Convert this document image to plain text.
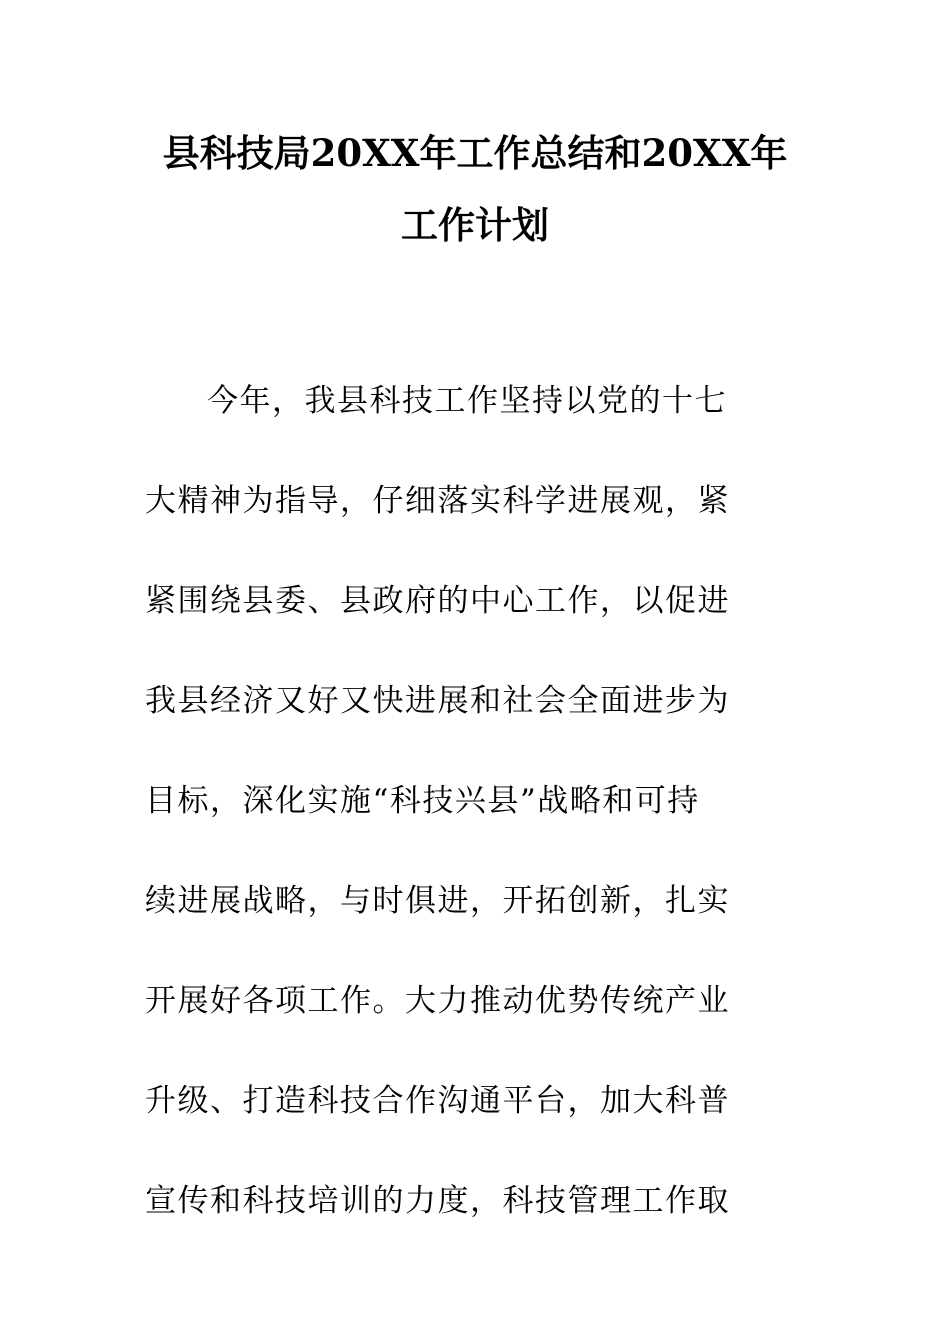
县科技局20XX年工作总结和20XX年
工作计划
今年，我县科技工作坚持以党的十七
大精神为指导，仔细落实科学进展观，紧
紧围绕县委、县政府的中心工作，以促进
我县经济又好又快进展和社会全面进步为
目标，深化实施“科技兴县”战略和可持
续进展战略，与时俱进，开拓创新，扎实
开展好各项工作。大力推动优势传统产业
升级、打造科技合作沟通平台，加大科普
宣传和科技培训的力度，科技管理工作取
